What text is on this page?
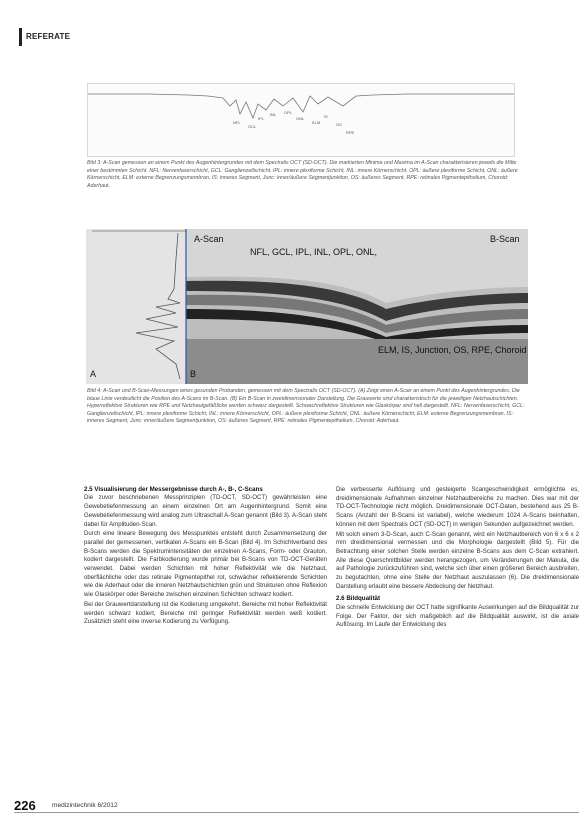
REFERATE
NFL
GCL
IPL
INL OPL
ONL
ELM
IS
OS
RPE
Bild 3: A-Scan gemessen an einem Punkt des Augenhintergrundes mit dem Spectralis OCT (SD-OCT). Die markierten Minima und Maxima im A-Scan charakterisieren jeweils die Mitte einer bestimmten Schicht. NFL: Nervenfaserschicht, GCL: Ganglienzellschicht, IPL: innere plexiforme Schicht, INL: innere Körnerschicht, OPL: äußere plexiforme Schicht, ONL: äußere Körnerschicht, ELM: externe Begrenzungsmembran, IS: inneres Segment, Junc: inner/äußere Segmentjunktion, OS: äußeres Segment, RPE: retinales Pigmentepithelium, Choroid: Aderhaut.
A-Scan	B-Scan
NFL, GCL, IPL, INL, OPL, ONL,
ELM, IS, Junction, OS, RPE, Choroid
A	B
Bild 4: A-Scan und B-Scan-Messungen eines gesunden Probanden, gemessen mit dem Spectralis OCT (SD-OCT). (A) Zeigt einen A-Scan an einem Punkt des Augenhintergrundes. Die blaue Linie verdeutlicht die Position des A-Scans im B-Scan. (B) Ein B-Scan in zweidimensionaler Darstellung. Die Grauwerte sind charakteristisch für die jeweiligen Netzhautschichten. Hyperreflektive Strukturen wie RPE und Netzhautgefäßlicke werden schwarz dargestellt. Schwachreflektive Strukturen wie Glaskörper sind hell dargestellt. NFL: Nervenfaserschicht, GCL: Ganglienzellschicht, IPL: innere plexiforme Schicht, INL: innere Körnerschicht, OPL: äußere plexiforme Schicht, ONL: äußere Körnerschicht, ELM: externe Begrenzungsmembran, IS: inneres Segment, Junc: inner/äußere Segmentjunktion, OS: äußeres Segment, RPE: retinales Pigmentepithelium, Choroid: Aderhaut.
2.5 Visualisierung der Messergebnisse durch A-, B-, C-Scans

Die zuvor beschriebenen Messprinzipien (TD-OCT, SD-OCT) gewährleisten eine Gewebetiefenmessung an einem einzelnen Ort am Augenhintergrund. Somit eine Gewebetiefenmessung wird analog zum Ultraschall A-Scan genannt (Bild 3). A-Scan steht dabei für Amplituden-Scan.

Durch eine lineare Bewegung des Messpunktes entsteht durch Zusammensetzung der parallel der gemessenen, vertikalen A-Scans ein B-Scan (Bild 4). Im Schichtverband des B-Scans werden die Spektrumintensitäten der einzelnen A-Scans, Form- oder Grauton, kodiert dargestellt. Die Farbkodierung wurde primär bei B-Scans von TD-OCT-Geräten verwendet. Dabei werden Schichten mit hoher Reflektivität wie die Netzhaut, oberflächliche oder das retinale Pigmentepithel rot, schwächer reflektierende Schichten wie die Aderhaut oder die inneren Netzhautschichten grün und Strukturen ohne Reflexion wie Glaskörper oder Bereiche zwischen einzelnen Schichten schwarz kodiert.

Bei der Grauwertdarstellung ist die Kodierung umgekehrt. Bereiche mit hoher Reflektivität werden schwarz kodiert, Bereiche mit geringer Reflektivität werden weiß kodiert. Zusätzlich steht eine inverse Kodierung zu Verfügung.

Die verbesserte Auflösung und gesteigerte Scangeschwindigkeit ermöglichte es, dreidimensionale Aufnahmen einzelner Netzhautbereiche zu machen. Dies war mit der TD-OCT-Technologie nicht möglich. Dreidimensionale OCT-Daten, bestehend aus 25 B-Scans (Anzahl der B-Scans ist variabel), welche wiederum 1024 A-Scans beinhalten, können mit dem Spectralis OCT (SD-OCT) in wenigen Sekunden aufgezeichnet werden.

Mit solch einem 3-D-Scan, auch C-Scan genannt, wird ein Netzhautbereich von 6 x 6 x 2 mm dreidimensional vermessen und die Morphologie dargestellt (Bild 5). Für die Betrachtung einer solchen Stelle werden einzelne B-Scans aus dem C-Scan extrahiert. Alle diese Querschnittbilder werden herangezogen, um Veränderungen der Makula, die auf Pathologie zurückzuführen sind, welche sich über einen größeren Bereich ausbreiten, zu begutachten, ohne eine Stelle der Netzhaut auszulassen (6). Die dreidimensionale Darstellung erlaubt eine bessere Abdeckung der Netzhaut.

2.6 Bildqualität

Die schnelle Entwicklung der OCT hatte signifikante Auswirkungen auf die Bildqualität zur Folge. Der Faktor, der sich maßgeblich auf die Bildqualität auswirkt, ist die axiale Auflösung. Im Laufe der Entwicklung des

226 medizintechnik 6/2012
